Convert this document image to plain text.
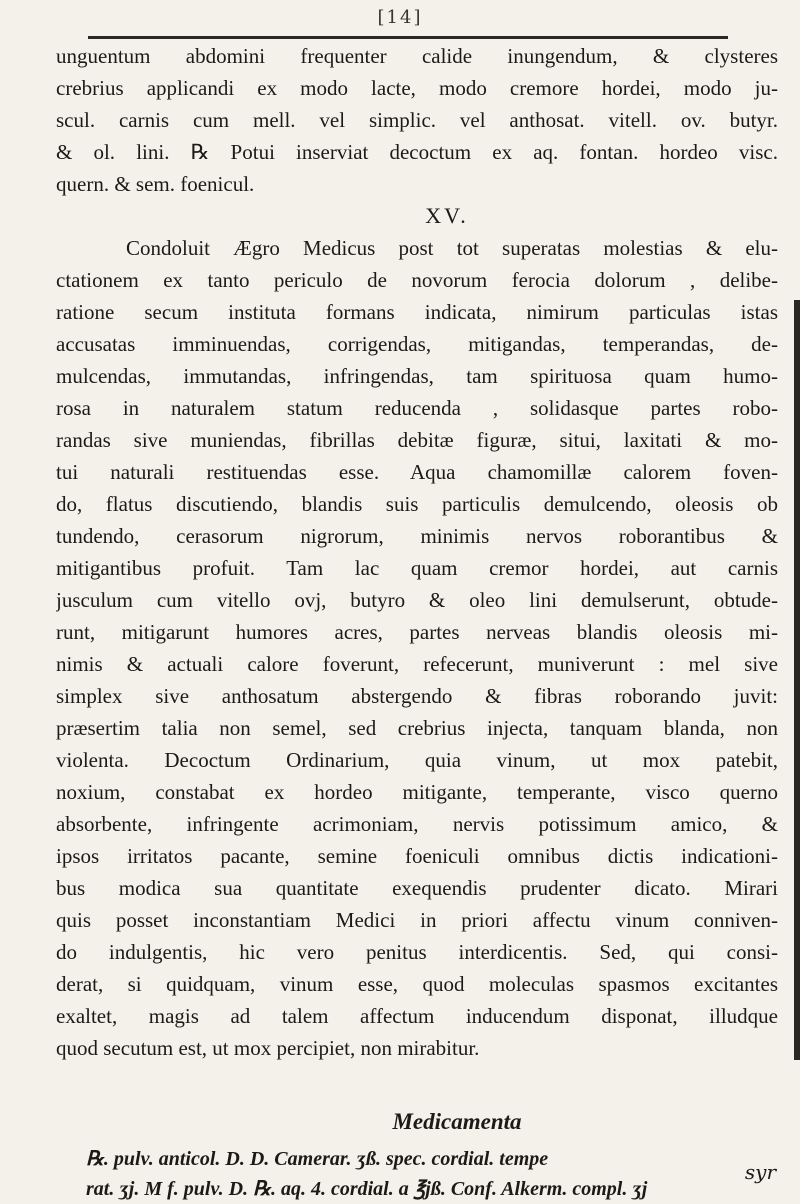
[14]
unguentum abdomini frequenter calide inungendum, & clysteres
crebrius applicandi ex modo lacte, modo cremore hordei, modo ju-
scul. carnis cum mell. vel simplic. vel anthosat. vitell. ov. butyr.
& ol. lini. ℞ Potui inserviat decoctum ex aq. fontan. hordeo visc.
quern. & sem. foenicul.
XV.
Condoluit Ægro Medicus post tot superatas molestias & elu-
ctationem ex tanto periculo de novorum ferocia dolorum , delibe-
ratione secum instituta formans indicata, nimirum particulas istas
accusatas imminuendas, corrigendas, mitigandas, temperandas, de-
mulcendas, immutandas, infringendas, tam spirituosa quam humo-
rosa in naturalem statum reducenda , solidasque partes robo-
randas sive muniendas, fibrillas debitæ figuræ, situi, laxitati & mo-
tui naturali restituendas esse. Aqua chamomillæ calorem foven-
do, flatus discutiendo, blandis suis particulis demulcendo, oleosis ob
tundendo, cerasorum nigrorum, minimis nervos roborantibus &
mitigantibus profuit. Tam lac quam cremor hordei, aut carnis
jusculum cum vitello ovj, butyro & oleo lini demulserunt, obtude-
runt, mitigarunt humores acres, partes nerveas blandis oleosis mi-
nimis & actuali calore foverunt, refecerunt, muniverunt : mel sive
simplex sive anthosatum abstergendo & fibras roborando juvit:
præsertim talia non semel, sed crebrius injecta, tanquam blanda, non
violenta. Decoctum Ordinarium, quia vinum, ut mox patebit,
noxium, constabat ex hordeo mitigante, temperante, visco querno
absorbente, infringente acrimoniam, nervis potissimum amico, &
ipsos irritatos pacante, semine foeniculi omnibus dictis indicationi-
bus modica sua quantitate exequendis prudenter dicato. Mirari
quis posset inconstantiam Medici in priori affectu vinum conniven-
do indulgentis, hic vero penitus interdicentis. Sed, qui consi-
derat, si quidquam, vinum esse, quod moleculas spasmos excitantes
exaltet, magis ad talem affectum inducendum disponat, illudque
quod secutum est, ut mox percipiet, non mirabitur.
Medicamenta
℞. pulv. anticol. D. D. Camerar. ʒß. spec. cordial. tempe
rat. ʒj. M f. pulv. D. ℞. aq. 4. cordial. a ℥jß. Conf. Alkerm. compl. ʒj
syr
